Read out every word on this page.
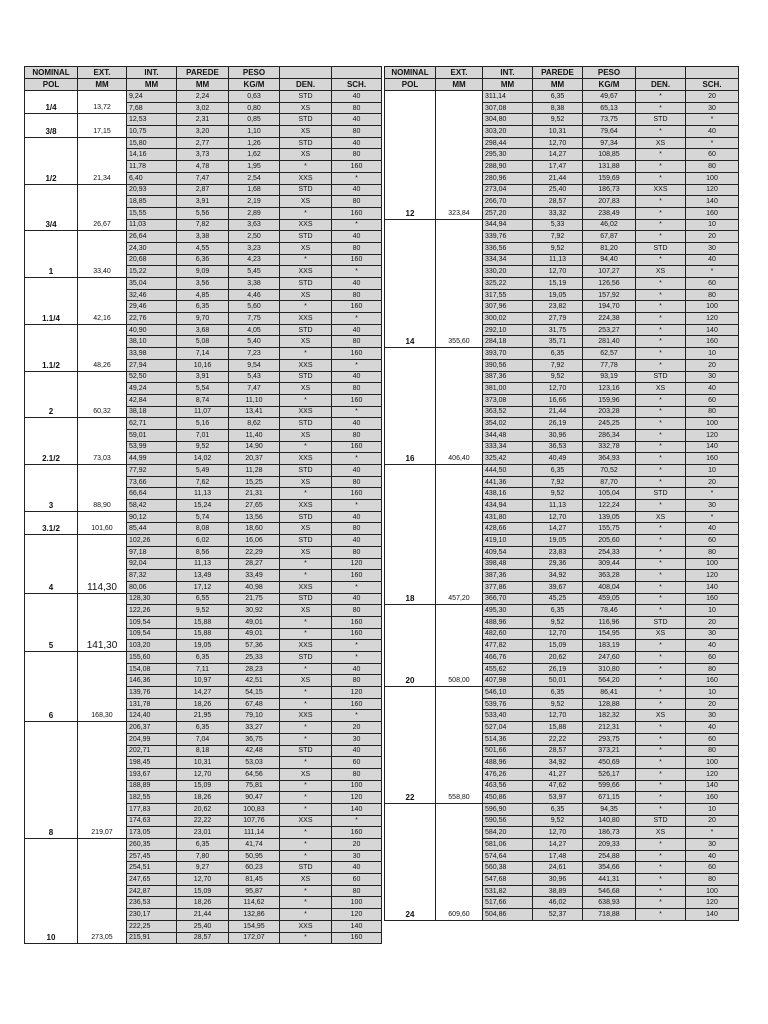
NOMINAL	EXT.	INT.	PAREDE	PESO		
POL	MM	MM	MM	KG/M	DEN.	SCH.
1/4	13,72	9,24	2,24	0,63	STD	40
		7,68	3,02	0,80	XS	80
3/8	17,15	12,53	2,31	0,85	STD	40
		10,75	3,20	1,10	XS	80
1/2	21,34	15,80	2,77	1,26	STD	40
		14,16	3,73	1,62	XS	80
		11,78	4,78	1,95	*	160
		6,40	7,47	2,54	XXS	*
3/4	26,67	20,93	2,87	1,68	STD	40
		18,85	3,91	2,19	XS	80
		15,55	5,56	2,89	*	160
		11,03	7,82	3,63	XXS	*
1	33,40	26,64	3,38	2,50	STD	40
		24,30	4,55	3,23	XS	80
		20,68	6,36	4,23	*	160
		15,22	9,09	5,45	XXS	*
1.1/4	42,16	35,04	3,56	3,38	STD	40
		32,46	4,85	4,46	XS	80
		29,46	6,35	5,60	*	160
		22,76	9,70	7,75	XXS	*
1.1/2	48,26	40,90	3,68	4,05	STD	40
		38,10	5,08	5,40	XS	80
		33,98	7,14	7,23	*	160
		27,94	10,16	9,54	XXS	*
2	60,32	52,50	3,91	5,43	STD	40
		49,24	5,54	7,47	XS	80
		42,84	8,74	11,10	*	160
		38,18	11,07	13,41	XXS	*
2.1/2	73,03	62,71	5,16	8,62	STD	40
		59,01	7,01	11,40	XS	80
		53,99	9,52	14,90	*	160
		44,99	14,02	20,37	XXS	*
3	88,90	77,92	5,49	11,28	STD	40
		73,66	7,62	15,25	XS	80
		66,64	11,13	21,31	*	160
		58,42	15,24	27,65	XXS	*
3.1/2	101,60	90,12	5,74	13,56	STD	40
		85,44	8,08	18,60	XS	80
4	114,30	102,26	6,02	16,06	STD	40
		97,18	8,56	22,29	XS	80
		92,04	11,13	28,27	*	120
		87,32	13,49	33,49	*	160
		80,06	17,12	40,98	XXS	*
5	141,30	128,30	6,55	21,75	STD	40
		122,26	9,52	30,92	XS	80
		109,54	15,88	49,01	*	160
		109,54	15,88	49,01	*	160
		103,20	19,05	57,36	XXS	*
6	168,30	155,60	6,35	25,33	STD	*
		154,08	7,11	28,23	*	40
		146,36	10,97	42,51	XS	80
		139,76	14,27	54,15	*	120
		131,78	18,26	67,48	*	160
		124,40	21,95	79,10	XXS	*
8	219,07	206,37	6,35	33,27	*	20
		204,99	7,04	36,75	*	30
		202,71	8,18	42,48	STD	40
		198,45	10,31	53,03	*	60
		193,67	12,70	64,56	XS	80
		188,89	15,09	75,81	*	100
		182,55	18,26	90,47	*	120
		177,83	20,62	100,83	*	140
		174,63	22,22	107,76	XXS	*
		173,05	23,01	111,14	*	160
10	273,05	260,35	6,35	41,74	*	20
		257,45	7,80	50,95	*	30
		254,51	9,27	60,23	STD	40
		247,65	12,70	81,45	XS	60
		242,87	15,09	95,87	*	80
		236,53	18,26	114,62	*	100
		230,17	21,44	132,86	*	120
		222,25	25,40	154,95	XXS	140
		215,91	28,57	172,07	*	160
NOMINAL	EXT.	INT.	PAREDE	PESO		
POL	MM	MM	MM	KG/M	DEN.	SCH.
12	323,84	311,14	6,35	49,67	*	20
		307,08	8,38	65,13	*	30
		304,80	9,52	73,75	STD	*
		303,20	10,31	79,64	*	40
		298,44	12,70	97,34	XS	*
		295,30	14,27	108,85	*	60
		288,90	17,47	131,88	*	80
		280,96	21,44	159,69	*	100
		273,04	25,40	186,73	XXS	120
		266,70	28,57	207,83	*	140
		257,20	33,32	238,49	*	160
14	355,60	344,94	5,33	46,02	*	10
		339,76	7,92	67,87	*	20
		336,56	9,52	81,20	STD	30
		334,34	11,13	94,40	*	40
		330,20	12,70	107,27	XS	*
		325,22	15,19	126,56	*	60
		317,55	19,05	157,92	*	80
		307,96	23,82	194,70	*	100
		300,02	27,79	224,38	*	120
		292,10	31,75	253,27	*	140
		284,18	35,71	281,40	*	160
16	406,40	393,70	6,35	62,57	*	10
		390,56	7,92	77,78	*	20
		387,36	9,52	93,19	STD	30
		381,00	12,70	123,16	XS	40
		373,08	16,66	159,96	*	60
		363,52	21,44	203,28	*	80
		354,02	26,19	245,25	*	100
		344,48	30,96	286,34	*	120
		333,34	36,53	332,78	*	140
		325,42	40,49	364,93	*	160
18	457,20	444,50	6,35	70,52	*	10
		441,36	7,92	87,70	*	20
		438,16	9,52	105,04	STD	*
		434,94	11,13	122,24	*	30
		431,80	12,70	139,05	XS	*
		428,66	14,27	155,75	*	40
		419,10	19,05	205,60	*	60
		409,54	23,83	254,33	*	80
		398,48	29,36	309,44	*	100
		387,36	34,92	363,28	*	120
		377,86	39,67	408,04	*	140
		366,70	45,25	459,05	*	160
20	508,00	495,30	6,35	78,46	*	10
		488,96	9,52	116,96	STD	20
		482,60	12,70	154,95	XS	30
		477,82	15,09	183,19	*	40
		466,76	20,62	247,60	*	60
		455,62	26,19	310,80	*	80
		407,98	50,01	564,20	*	160
22	558,80	546,10	6,35	86,41	*	10
		539,76	9,52	128,88	*	20
		533,40	12,70	182,32	XS	30
		527,04	15,88	212,31	*	40
		514,36	22,22	293,75	*	60
		501,66	28,57	373,21	*	80
		488,96	34,92	450,69	*	100
		476,26	41,27	526,17	*	120
		463,56	47,62	599,66	*	140
		450,86	53,97	671,15	*	160
24	609,60	596,90	6,35	94,35	*	10
		590,56	9,52	140,80	STD	20
		584,20	12,70	186,73	XS	*
		581,06	14,27	209,33	*	30
		574,64	17,48	254,88	*	40
		560,38	24,61	354,66	*	60
		547,68	30,96	441,31	*	80
		531,82	38,89	546,68	*	100
		517,66	46,02	638,93	*	120
		504,86	52,37	718,88	*	140
